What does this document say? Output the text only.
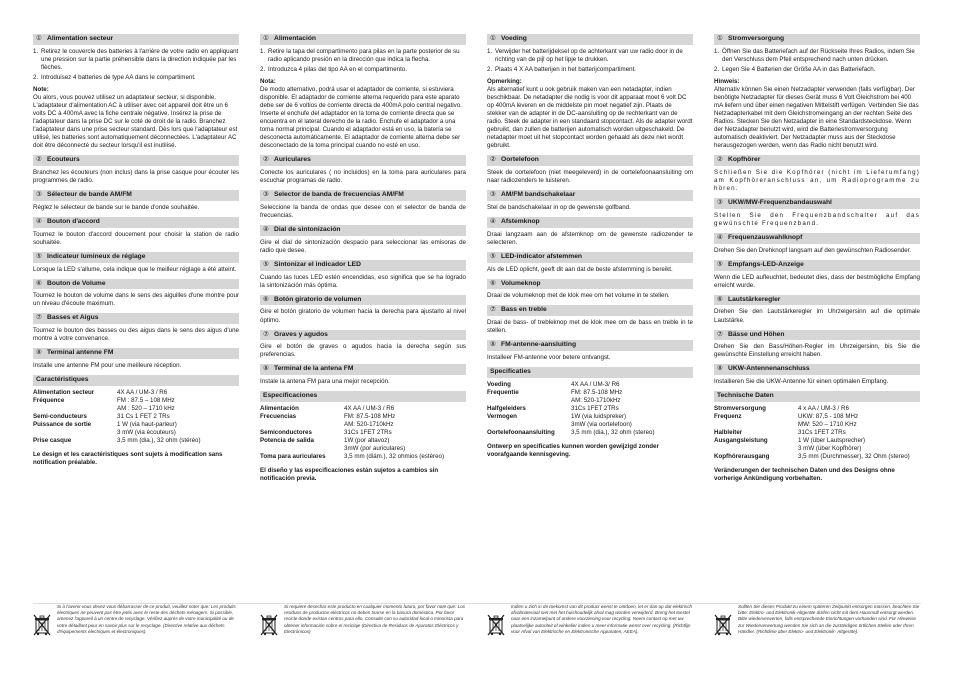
① Alimentation secteur
1. Retirez le couvercle des batteries à l'arrière de votre radio en appliquant une pression sur la partie préhensible dans la direction indiquée par les flèches.
2. Introduisez 4 batteries de type AA dans le compartiment.
Note:

Ou alors, vous pouvez utilisez un adaptateur secteur, si disponible. L'adaptateur d'alimentation AC à utiliser avec cet appareil doit être un 6 volts DC à 400mA avec la fiche centrale négative. Insérez la prise de l'adaptateur dans la prise DC sur le coté de droit de la radio. Branchez l'adaptateur dans une prise secteur standard. Dès lors que l'adaptateur est utilisé, les batteries sont automatiquement déconnectées. L'adaptateur AC doit être déconnecté du secteur lorsqu'il est inutilisé.

② Ecouteurs

Branchez les écouteurs (non inclus) dans la prise casque pour écouter les programmes de radio.

③ Sélecteur de bande AM/FM

Réglez le sélecteur de bande sur le bande d'onde souhaitée.

④ Bouton d'accord

Tournez le bouton d'accord doucement pour choisir la station de radio souhaitée.

⑤ Indicateur lumineux de réglage

Lorsque la LED s'allume, cela indique que le meilleur réglage a été atteint.

⑥ Bouton de Volume

Tournez le bouton de volume dans le sens des aiguilles d'une montre pour un niveau d'écoute maximum.

⑦ Basses et Aigus

Tournez le bouton des basses ou des aigus dans le sens des aigus d'une montre à votre convenance.

⑧ Terminal antenne FM

Installe une antenne FM pour une meilleure réception.

Caractéristiques
Alimentation secteur	4X AA / UM-3 / R6
Fréquence	FM : 87.5 – 108 MHz
	AM : 520 – 1710 kHz
Semi-conducteurs	31 Cs 1 FET 2 TRs
Puissance de sortie	1 W (via haut-parleur)
	3 mW (via écouteurs)
Prise casque	3,5 mm (dia.), 32 ohm (stéréo)

Le design et les caractéristiques sont sujets à modification sans notification préalable.

① Alimentación
1. Retire la tapa del compartimento para pilas en la parte posterior de su radio aplicando presión en la dirección que indica la flecha.
2. Introduzca 4 pilas del tipo AA en el compartimento.
Nota:

De modo alternativo, podrá usar el adaptador de corriente, si estuviera disponible. El adaptador de corriente alterna requerido para este aparato debe ser de 6 voltios de corriente directa de 400mA polo central negativo. Inserte el enchufe del adaptador en la toma de corriente directa que se encuentra en el lateral derecho de la radio. Enchufe el adaptador a una toma normal principal. Cuando el adaptador está en uso, la batería se desconecta automáticamente. El adaptador de corriente alterna debe ser desconectado de la toma principal cuando no esté en uso.

② Auriculares

Conecte los auriculares ( no incluidos) en la toma para auriculares para escuchar programas de radio.

③ Selector de banda de frecuencias AM/FM

Seleccione la banda de ondas que desee con el selector de banda de frecuencias.

④ Dial de sintonización

Gire el dial de sintonización despacio para seleccionar las emisoras de radio que desee.

⑤ Sintonizar el indicador LED

Cuando las luces LED estén encendidas, eso significa que se ha logrado la sintonización más óptima.

⑥ Botón giratorio de volumen

Gire el botón giratorio de volumen hacia la derecha para ajustarlo al nivel óptimo.

⑦ Graves y agudos

Gire el botón de graves o agudos hacia la derecha según sus preferencias.

⑧ Terminal de la antena FM

Instale la antena FM para una mejor recepción.

Especificaciones
Alimentación	4X AA / UM-3 / R6
Frecuencias	FM: 87.5-108 MHz
	AM: 520-1710kHz
Semiconductores	31Cs 1FET 2TRs
Potencia de salida	1W (por altavoz)
	3mW (por auriculares)
Toma para auriculares	3,5 mm (diám.), 32 ohmios (estéreo)

El diseño y las especificaciones están sujetos a cambios sin notificación previa.

① Voeding
1. Verwijder het batterijdeksel op de achterkant van uw radio door in de richting van de pijl op het lipje te drukken.
2. Plaats 4 X AA batterijen in het batterijcompartiment.
Opmerking:

Als alternatief kunt u ook gebruik maken van een netadapter, indien beschikbaar. De netadapter die nodig is voor dit apparaat moet 6 volt DC op 400mA leveren en de middelste pin moet negatief zijn. Plaats de stekker van de adapter in de DC-aansluiting op de rechterkant van de radio. Steek de adapter in een standaard stopcontact. Als de adapter wordt gebruikt, dan zullen de batterijen automatisch worden uitgeschakeld. De netadapter moet uit het stopcontact worden gehaald als deze niet wordt gebruikt.

② Oortelefoon

Steek de oortelefoon (niet meegeleverd) in de oortelefoonaansluiting om naar radiozenders te luisteren.

③ AM/FM bandschakelaar

Stel de bandschakelaar in op de gewenste golfband.

④ Afstemknop

Draai langzaam aan de afstemknop om de gewenste radiozender te selecteren.

⑤ LED-indicator afstemmen

Als de LED oplicht, geeft dit aan dat de beste afstemming is bereikt.

⑥ Volumeknop

Draai de volumeknop met de klok mee om het volume in te stellen.

⑦ Bass en treble

Draai de bass- of trebleknop met de klok mee om de bass en treble in te stellen.

⑧ FM-antenne-aansluiting

Installeer FM-antenne voor betere ontvangst.

Specificaties
Voeding	4X AA / UM-3/ R6
Frequentie	FM: 87.5-108 MHz
	AM: 520-1710kHz
Halfgeleiders	31Cs 1FET 2TRs
Vermogen	1W (via luidspreker)
	3mW (via oortelefoon)
Oortelefoonaansluiting	3,5 mm (dia.), 32 ohm (stereo)

Ontwerp en specificaties kunnen worden gewijzigd zonder voorafgaande kennisgeving.

① Stromversorgung
1. Öffnen Sie das Batteriefach auf der Rückseite Ihres Radios, indem Sie den Verschluss dem Pfeil entsprechend nach unten drücken.
2. Legen Sie 4 Batterien der Größe AA in das Batteriefach.
Hinweis:

Alternativ können Sie einen Netzadapter verwenden (falls verfügbar). Der benötigte Netzadapter für dieses Gerät muss 6 Volt Gleichstrom bei 400 mA liefern und über einen negativen Mittelstift verfügen. Verbinden Sie das Netzadapterkabel mit dem Gleichstromeingang an der rechten Seite des Radios. Stecken Sie den Netzadapter in eine Standardsteckdose. Wenn der Netzadapter benutzt wird, wird die Batteriestromversorgung automatisch deaktiviert. Der Netzadapter muss aus der Steckdose herausgezogen werden, wenn das Radio nicht benutzt wird.

② Kopfhörer

Schließen Sie die Kopfhörer (nicht im Lieferumfang) am Kopfhöreranschluss an, um Radioprogramme zu hören.

③ UKW/MW-Frequenzbandauswahl

Stellen Sie den Frequenzbandschalter auf das gewünschte Frequenzband.

④ Frequenzauswahlknopf

Drehen Sie den Drehknopf langsam auf den gewünschten Radiosender.

⑤ Empfangs-LED-Anzeige

Wenn die LED aufleuchtet, bedeutet dies, dass der bestmögliche Empfang erreicht wurde.

⑥ Lautstärkeregler

Drehen Sie den Lautstärkeregler im Uhrzeigersinn auf die optimale Lautstärke.

⑦ Bässe und Höhen

Drehen Sie den Bass/Höhen-Regler im Uhrzeigersinn, bis Sie die gewünschte Einstellung erreicht haben.

⑧ UKW-Antennenanschluss

Installieren Sie die UKW-Antenne für einen optimalen Empfang.

Technische Daten
Stromversorgung	4 x AA / UM-3 / R6
Frequenz	UKW: 87,5 - 108 MHz
	MW: 520 – 1710 KHz
Halbleiter	31Cs 1FET 2TRs
Ausgangsleistung	1 W (über Lautsprecher)
	3 mW (über Kopfhörer)
Kopfhörerausgang	3,5 mm (Durchmesser), 32 Ohm (stereo)

Veränderungen der technischen Daten und des Designs ohne vorherige Ankündigung vorbehalten.

Si à l'avenir vous devez vous débarrasser de ce produit, veuillez noter que: Les produits électriques ne peuvent pas être jetés avec le reste des déchets ménagers. Si possible, amenez l'appareil à un centre de recyclage. Vérifiez auprès de votre municipalité ou de votre détaillant pour en savoir plus sur le recyclage. (Directive relative aux déchets d'équipements électriques et électroniques).
Si requiere desechar este producto en cualquier momento futuro, por favor note que: Los residuos de productos eléctricos no deben tirarse en la basura doméstica. Por favor recicle donde existan centros para ello. Consulte con su autoridad local o minorista para obtener información sobre el reciclaje (Directiva de Residuos de Aparatos Eléctricos y Electrónicos)
Indien u zich in de toekomst van dit product wenst te ontdoen, let er dan op dat elektrisch afvalmateriaal niet met het huishoudelijk afval mag worden verwijderd. Breng het toestel naar een inzamelpunt of andere voorziening voor recycling. Neem contact op met uw plaatselijke autoriteit of winkelier indien u meer informatie wenst over recycling. (Richtlijn voor Afval van Elektrische en Elektronische Apparaten, AEEA).
Sollten Sie dieses Produkt zu einem späteren Zeitpunkt entsorgen müssen, beachten Sie bitte: Elektro- und Elektronik-Altgeräte dürfen nicht mit dem Hausmüll entsorgt werden. Bitte wiederverwerten, falls entsprechende Einrichtungen vorhanden sind. Für Hinweise zur Wiederverwertung wenden Sie sich an die zuständigen örtlichen Stellen oder Ihren Händler. (Richtlinie über Elektro- und Elektronik- Altgeräte).
